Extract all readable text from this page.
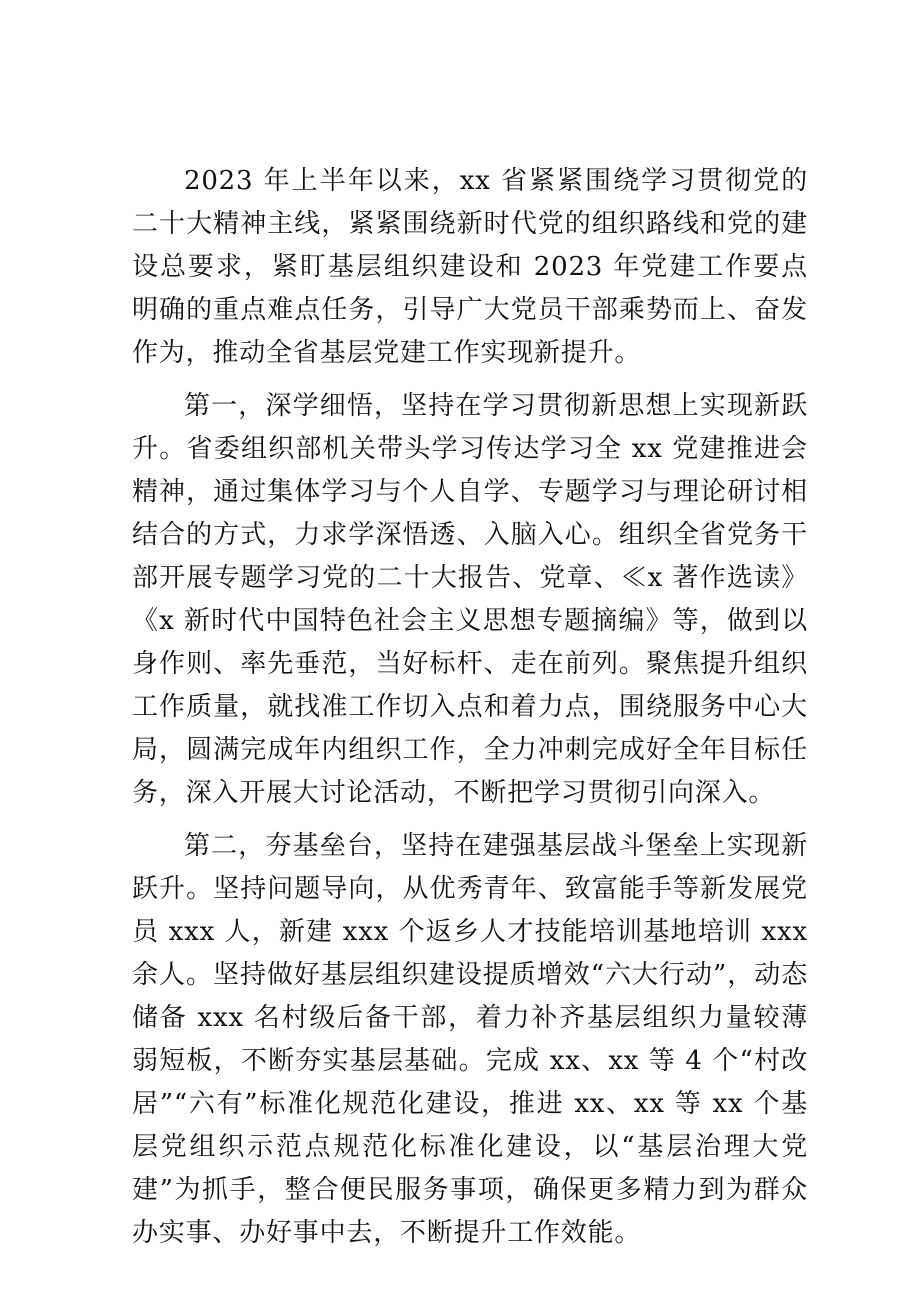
2023 年上半年以来，xx 省紧紧围绕学习贯彻党的二十大精神主线，紧紧围绕新时代党的组织路线和党的建设总要求，紧盯基层组织建设和 2023 年党建工作要点明确的重点难点任务，引导广大党员干部乘势而上、奋发作为，推动全省基层党建工作实现新提升。

第一，深学细悟，坚持在学习贯彻新思想上实现新跃升。省委组织部机关带头学习传达学习全 xx 党建推进会精神，通过集体学习与个人自学、专题学习与理论研讨相结合的方式，力求学深悟透、入脑入心。组织全省党务干部开展专题学习党的二十大报告、党章、≪x 著作选读》《x 新时代中国特色社会主义思想专题摘编》等，做到以身作则、率先垂范，当好标杆、走在前列。聚焦提升组织工作质量，就找准工作切入点和着力点，围绕服务中心大局，圆满完成年内组织工作，全力冲刺完成好全年目标任务，深入开展大讨论活动，不断把学习贯彻引向深入。

第二，夯基垒台，坚持在建强基层战斗堡垒上实现新跃升。坚持问题导向，从优秀青年、致富能手等新发展党员 xxx 人，新建 xxx 个返乡人才技能培训基地培训 xxx 余人。坚持做好基层组织建设提质增效“六大行动”，动态储备 xxx 名村级后备干部，着力补齐基层组织力量较薄弱短板，不断夯实基层基础。完成 xx、xx 等 4 个“村改居”“六有”标准化规范化建设，推进 xx、xx 等 xx 个基层党组织示范点规范化标准化建设，以“基层治理大党建”为抓手，整合便民服务事项，确保更多精力到为群众办实事、办好事中去，不断提升工作效能。
